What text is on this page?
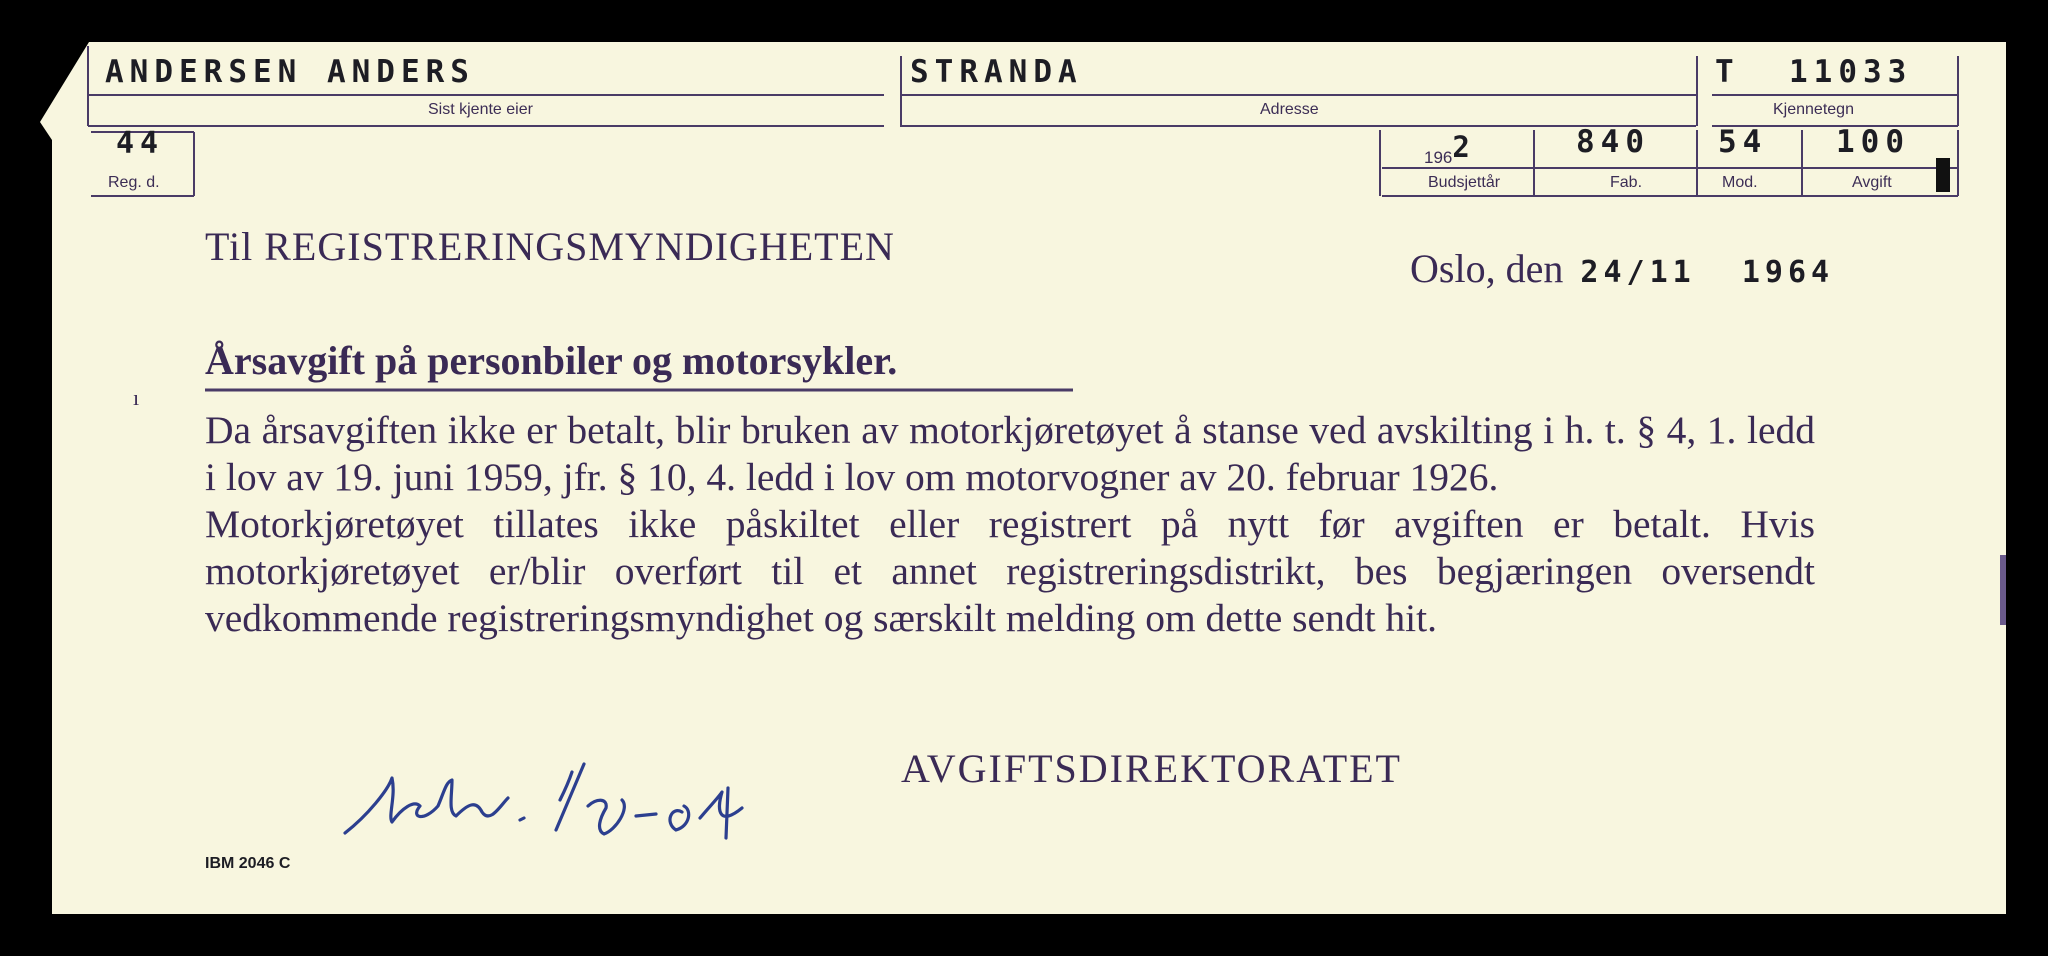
ı
ANDERSEN ANDERS
Sist kjente eier
STRANDA
Adresse
T  11033
Kjennetegn
44
Reg. d.
1962
Budsjettår
840
Fab.
54
Mod.
100
Avgift
Til REGISTRERINGSMYNDIGHETEN	Oslo, den 24/11  1964
Årsavgift på personbiler og motorsykler.

Da årsavgiften ikke er betalt, blir bruken av motorkjøretøyet å stanse ved avskilting i h. t. § 4, 1. ledd i lov av 19. juni 1959, jfr. § 10, 4. ledd i lov om motorvogner av 20. februar 1926.

Motorkjøretøyet tillates ikke påskiltet eller registrert på nytt før avgiften er betalt. Hvis motorkjøretøyet er/blir overført til et annet registreringsdistrikt, bes begjæringen oversendt vedkommende registreringsmyndighet og særskilt melding om dette sendt hit.

AVGIFTSDIREKTORATET
IBM 2046 C
